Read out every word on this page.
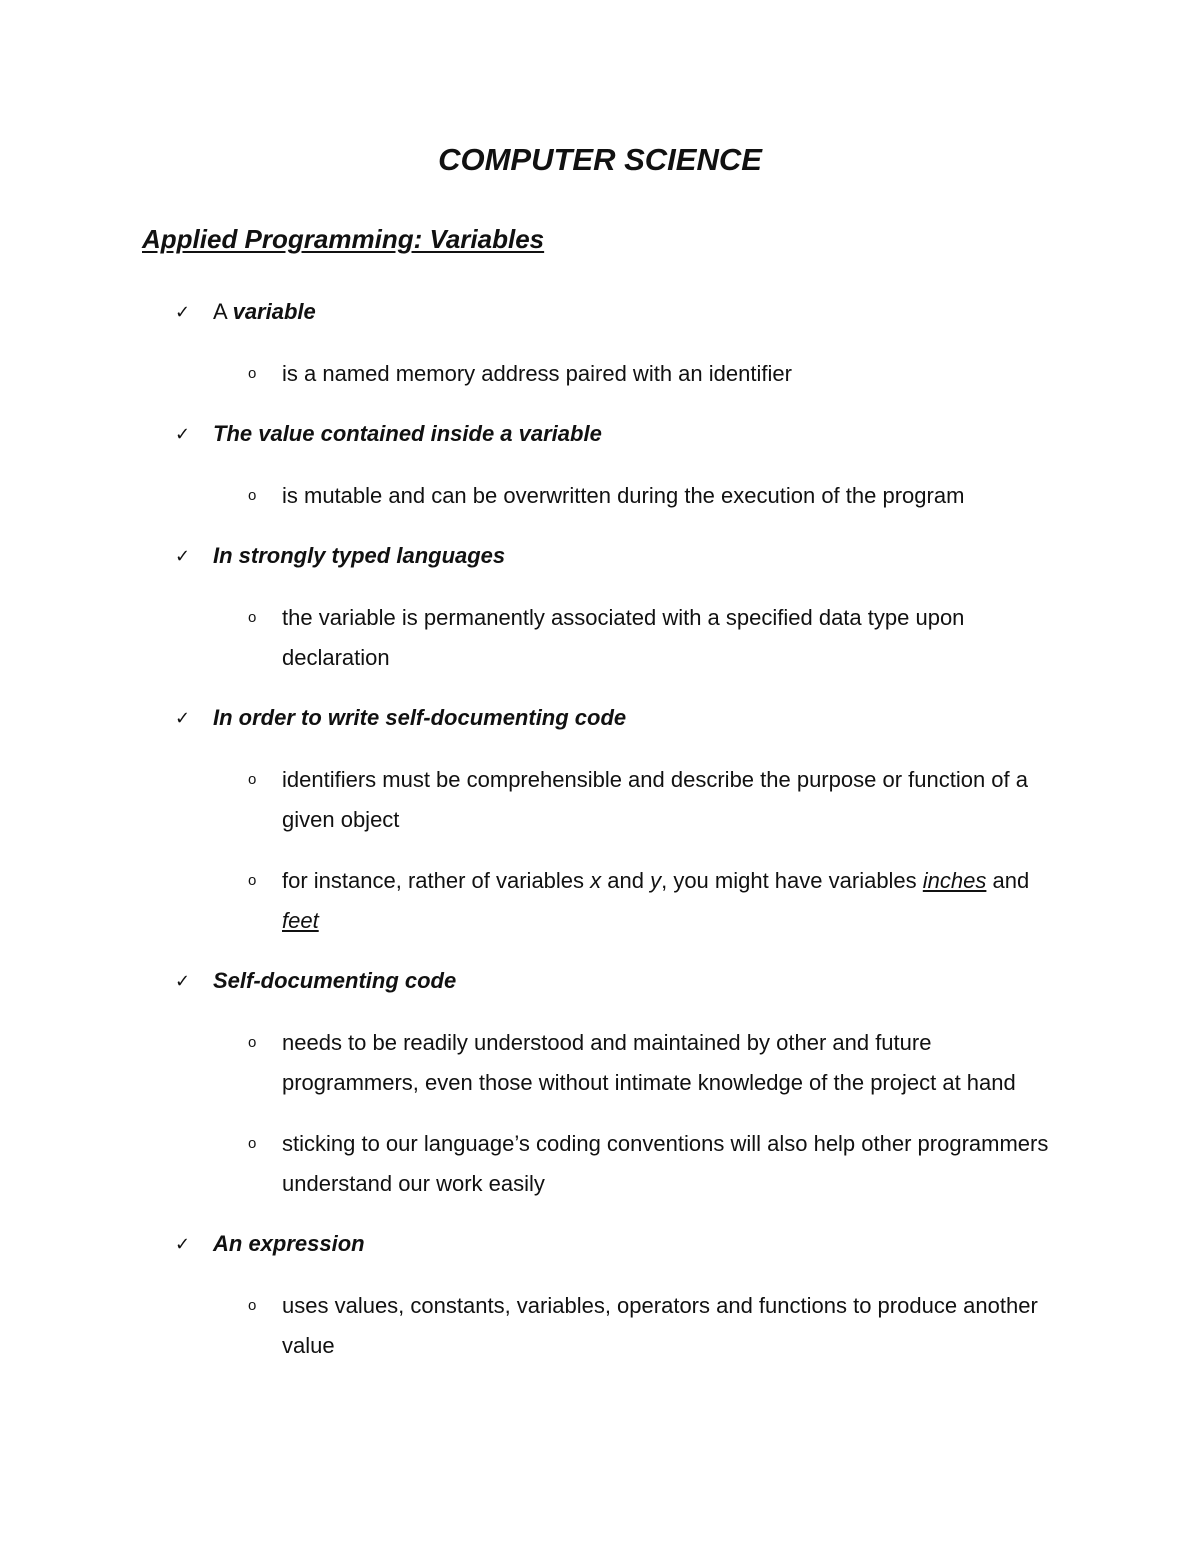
COMPUTER SCIENCE
Applied Programming: Variables
✓ A variable
o is a named memory address paired with an identifier
✓ The value contained inside a variable
o is mutable and can be overwritten during the execution of the program
✓ In strongly typed languages
o the variable is permanently associated with a specified data type upon declaration
✓ In order to write self-documenting code
o identifiers must be comprehensible and describe the purpose or function of a given object
o for instance, rather of variables x and y, you might have variables inches and feet
✓ Self-documenting code
o needs to be readily understood and maintained by other and future programmers, even those without intimate knowledge of the project at hand
o sticking to our language’s coding conventions will also help other programmers understand our work easily
✓ An expression
o uses values, constants, variables, operators and functions to produce another value
